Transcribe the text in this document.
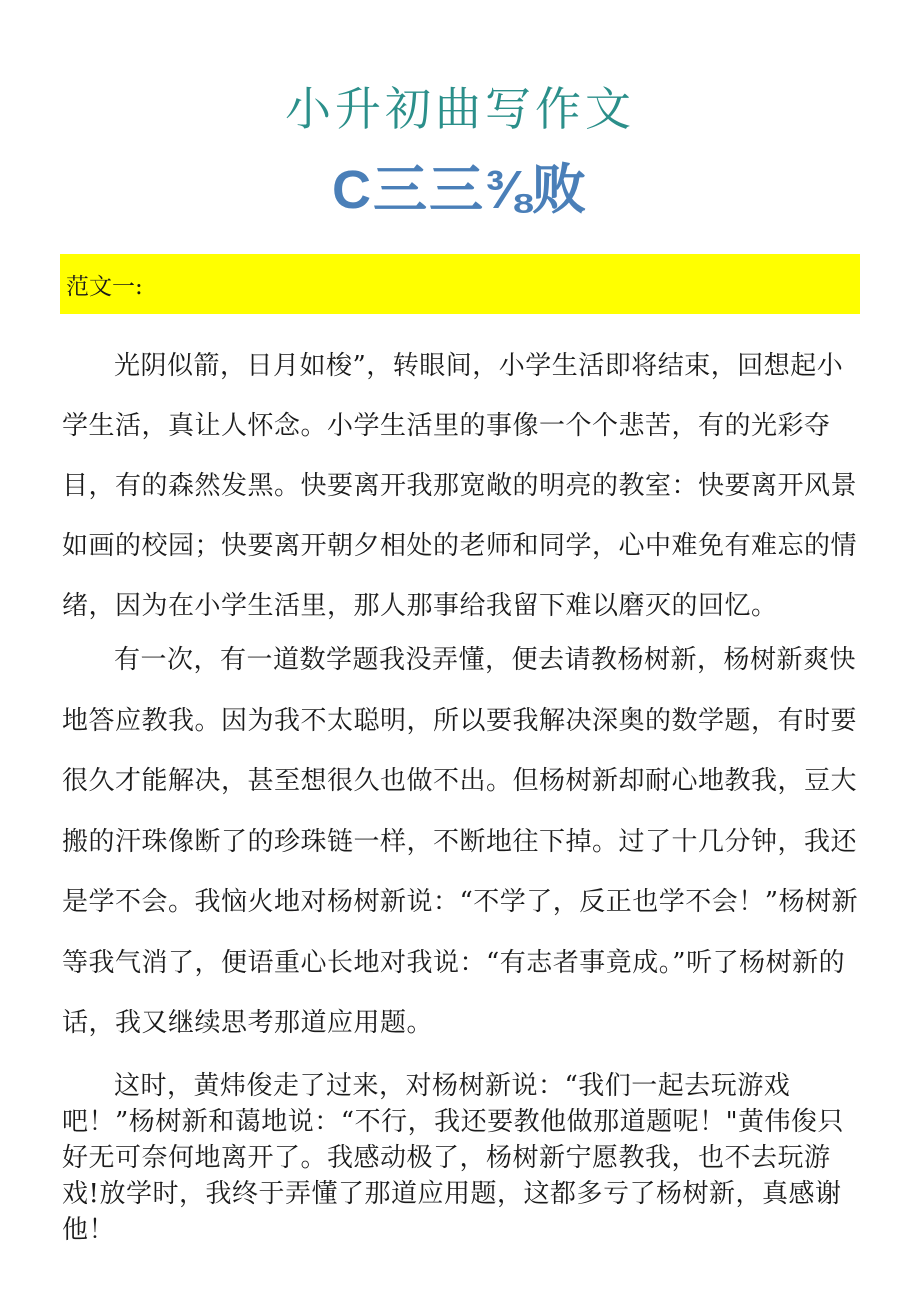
小升初曲写作文
C三三⅜败
范文一:

光阴似箭，日月如梭”，转眼间，小学生活即将结束，回想起小学生活，真让人怀念。小学生活里的事像一个个悲苦，有的光彩夺目，有的森然发黑。快要离开我那宽敞的明亮的教室：快要离开风景如画的校园；快要离开朝夕相处的老师和同学，心中难免有难忘的情绪，因为在小学生活里，那人那事给我留下难以磨灭的回忆。

有一次，有一道数学题我没弄懂，便去请教杨树新，杨树新爽快地答应教我。因为我不太聪明，所以要我解决深奥的数学题，有时要很久才能解决，甚至想很久也做不出。但杨树新却耐心地教我，豆大搬的汗珠像断了的珍珠链一样，不断地往下掉。过了十几分钟，我还是学不会。我恼火地对杨树新说：“不学了，反正也学不会！”杨树新等我气消了，便语重心长地对我说：“有志者事竟成。”听了杨树新的话，我又继续思考那道应用题。

这时，黄炜俊走了过来，对杨树新说：“我们一起去玩游戏吧！”杨树新和蔼地说：“不行，我还要教他做那道题呢！"黄伟俊只好无可奈何地离开了。我感动极了，杨树新宁愿教我，也不去玩游戏!放学时，我终于弄懂了那道应用题，这都多亏了杨树新，真感谢他！
